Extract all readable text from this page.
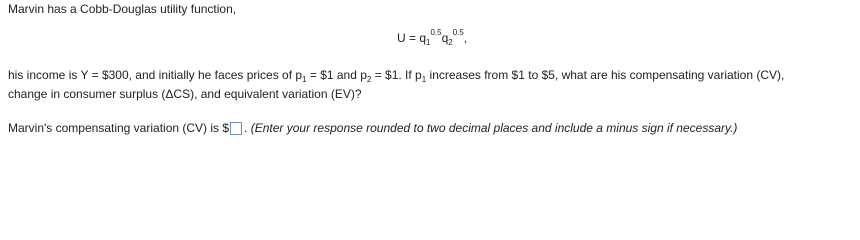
Marvin has a Cobb-Douglas utility function,
$U = q_1^{0.5}q_2^{0.5}$,
his income is Y = $300, and initially he faces prices of $p_1$ = $1 and $p_2$ = $1. If $p_1$ increases from $1 to $5, what are his compensating variation (CV),
change in consumer surplus (ΔCS), and equivalent variation (EV)?
Marvin's compensating variation (CV) is $ . (Enter your response rounded to two decimal places and include a minus sign if necessary.)
